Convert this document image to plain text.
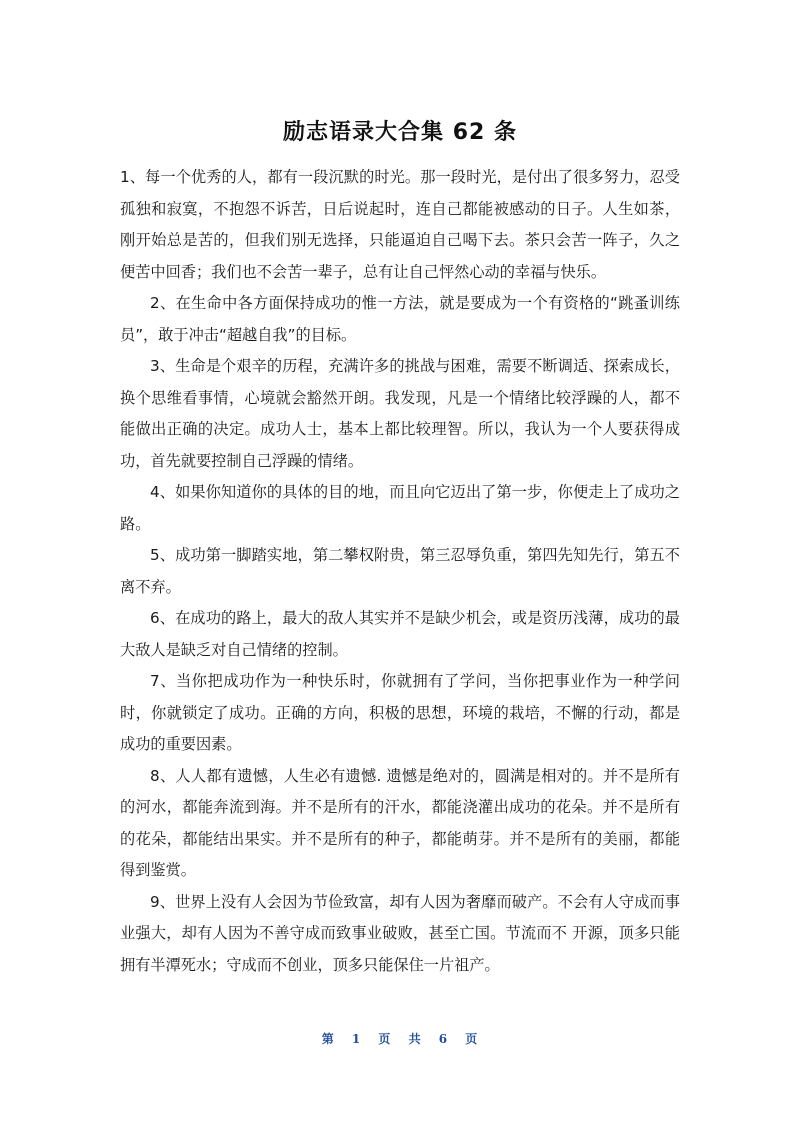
励志语录大合集 62 条

1、每一个优秀的人，都有一段沉默的时光。那一段时光，是付出了很多努力，忍受孤独和寂寞，不抱怨不诉苦，日后说起时，连自己都能被感动的日子。人生如茶，刚开始总是苦的，但我们别无选择，只能逼迫自己喝下去。茶只会苦一阵子，久之便苦中回香；我们也不会苦一辈子，总有让自己怦然心动的幸福与快乐。

2、在生命中各方面保持成功的惟一方法，就是要成为一个有资格的“跳蚤训练员”，敢于冲击“超越自我”的目标。

3、生命是个艰辛的历程，充满许多的挑战与困难，需要不断调适、探索成长，换个思维看事情，心境就会豁然开朗。我发现，凡是一个情绪比较浮躁的人，都不能做出正确的决定。成功人士，基本上都比较理智。所以，我认为一个人要获得成功，首先就要控制自己浮躁的情绪。

4、如果你知道你的具体的目的地，而且向它迈出了第一步，你便走上了成功之路。

5、成功第一脚踏实地，第二攀权附贵，第三忍辱负重，第四先知先行，第五不离不弃。

6、在成功的路上，最大的敌人其实并不是缺少机会，或是资历浅薄，成功的最大敌人是缺乏对自己情绪的控制。

7、当你把成功作为一种快乐时，你就拥有了学问，当你把事业作为一种学问时，你就锁定了成功。正确的方向，积极的思想，环境的栽培，不懈的行动，都是成功的重要因素。

8、人人都有遗憾，人生必有遗憾. 遗憾是绝对的，圆满是相对的。并不是所有的河水，都能奔流到海。并不是所有的汗水，都能浇灌出成功的花朵。并不是所有的花朵，都能结出果实。并不是所有的种子，都能萌芽。并不是所有的美丽，都能得到鉴赏。

9、世界上没有人会因为节俭致富，却有人因为奢靡而破产。不会有人守成而事业强大，却有人因为不善守成而致事业破败，甚至亡国。节流而不 开源，顶多只能拥有半潭死水；守成而不创业，顶多只能保住一片祖产。

第 1 页 共 6 页
